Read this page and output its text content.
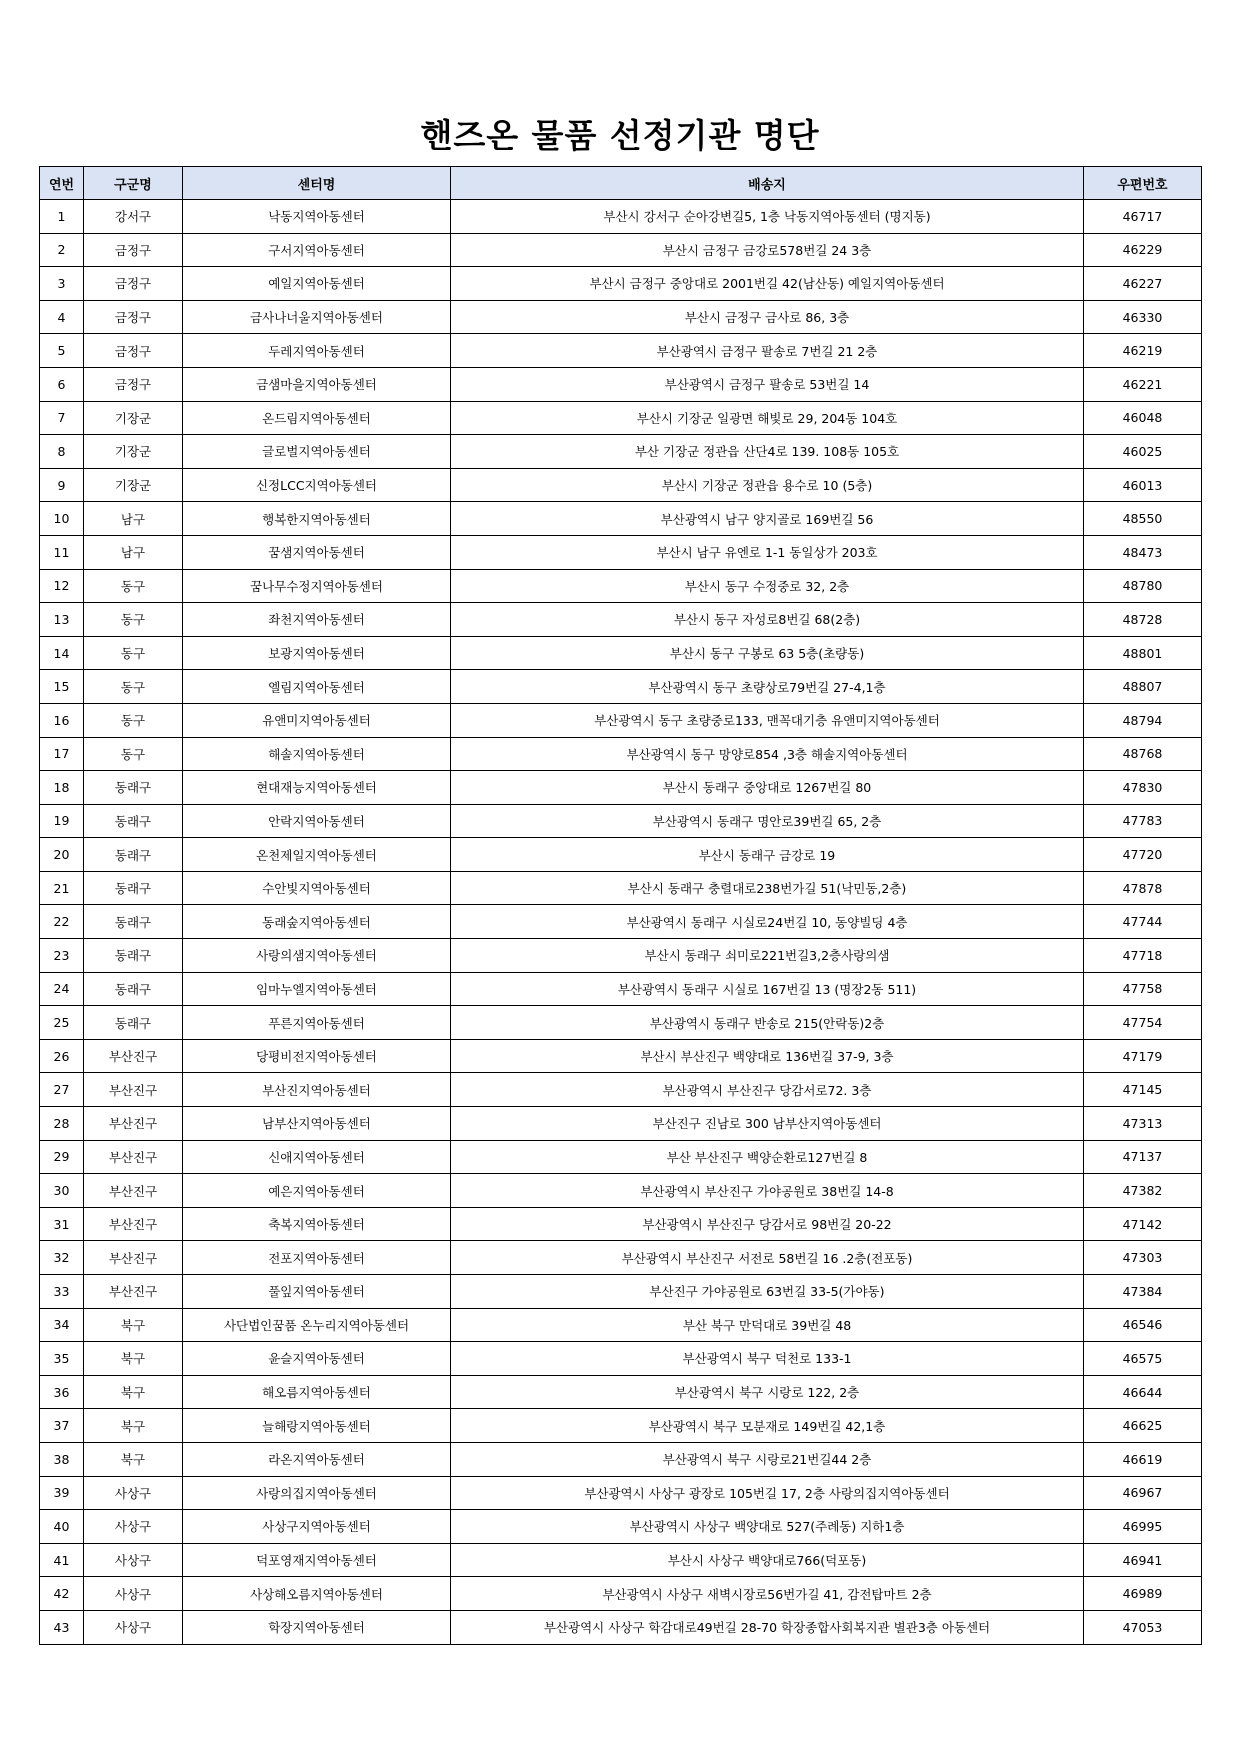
핸즈온 물품 선정기관 명단
연번	구군명	센터명	배송지	우편번호
1	강서구	낙동지역아동센터	부산시 강서구 순아강변길5, 1층 낙동지역아동센터 (명지동)	46717
2	금정구	구서지역아동센터	부산시 금정구 금강로578번길 24 3층	46229
3	금정구	예일지역아동센터	부산시 금정구 중앙대로 2001번길 42(남산동) 예일지역아동센터	46227
4	금정구	금사나너울지역아동센터	부산시 금정구 금사로 86, 3층	46330
5	금정구	두레지역아동센터	부산광역시 금정구 팔송로 7번길 21 2층	46219
6	금정구	금샘마을지역아동센터	부산광역시 금정구 팔송로 53번길 14	46221
7	기장군	온드림지역아동센터	부산시 기장군 일광면 해빛로 29, 204동 104호	46048
8	기장군	글로벌지역아동센터	부산 기장군 정관읍 산단4로 139. 108동 105호	46025
9	기장군	신정LCC지역아동센터	부산시 기장군 정관읍 용수로 10 (5층)	46013
10	남구	행복한지역아동센터	부산광역시 남구 양지골로 169번길 56	48550
11	남구	꿈샘지역아동센터	부산시 남구 유엔로 1-1 동일상가 203호	48473
12	동구	꿈나무수정지역아동센터	부산시 동구 수정중로 32, 2층	48780
13	동구	좌천지역아동센터	부산시 동구 자성로8번길 68(2층)	48728
14	동구	보광지역아동센터	부산시 동구 구봉로 63 5층(초량동)	48801
15	동구	엘림지역아동센터	부산광역시 동구 초량상로79번길 27-4,1층	48807
16	동구	유앤미지역아동센터	부산광역시 동구 초량중로133, 맨꼭대기층 유앤미지역아동센터	48794
17	동구	해솔지역아동센터	부산광역시 동구 망양로854 ,3층 해솔지역아동센터	48768
18	동래구	현대재능지역아동센터	부산시 동래구 중앙대로 1267번길 80	47830
19	동래구	안락지역아동센터	부산광역시 동래구 명안로39번길 65, 2층	47783
20	동래구	온천제일지역아동센터	부산시 동래구 금강로 19	47720
21	동래구	수안빛지역아동센터	부산시 동래구 충렬대로238번가길 51(낙민동,2층)	47878
22	동래구	동래숲지역아동센터	부산광역시 동래구 시실로24번길 10, 동양빌딩 4층	47744
23	동래구	사랑의샘지역아동센터	부산시 동래구 쇠미로221번길3,2층사랑의샘	47718
24	동래구	임마누엘지역아동센터	부산광역시 동래구 시실로 167번길 13 (명장2동 511)	47758
25	동래구	푸른지역아동센터	부산광역시 동래구 반송로 215(안락동)2층	47754
26	부산진구	당평비전지역아동센터	부산시 부산진구 백양대로 136번길 37-9, 3층	47179
27	부산진구	부산진지역아동센터	부산광역시 부산진구 당감서로72. 3층	47145
28	부산진구	남부산지역아동센터	부산진구 진남로 300 남부산지역아동센터	47313
29	부산진구	신애지역아동센터	부산 부산진구 백양순환로127번길 8	47137
30	부산진구	예은지역아동센터	부산광역시 부산진구 가야공원로 38번길 14-8	47382
31	부산진구	축복지역아동센터	부산광역시 부산진구 당감서로 98번길 20-22	47142
32	부산진구	전포지역아동센터	부산광역시 부산진구 서전로 58번길 16 .2층(전포동)	47303
33	부산진구	풀잎지역아동센터	부산진구 가야공원로 63번길 33-5(가야동)	47384
34	북구	사단법인꿈품 온누리지역아동센터	부산 북구 만덕대로 39번길 48	46546
35	북구	윤슬지역아동센터	부산광역시 북구 덕천로 133-1	46575
36	북구	해오름지역아동센터	부산광역시 북구 시랑로 122, 2층	46644
37	북구	늘해랑지역아동센터	부산광역시 북구 모분재로 149번길 42,1층	46625
38	북구	라온지역아동센터	부산광역시 북구 시랑로21번길44 2층	46619
39	사상구	사랑의집지역아동센터	부산광역시 사상구 광장로 105번길 17, 2층 사랑의집지역아동센터	46967
40	사상구	사상구지역아동센터	부산광역시 사상구 백양대로 527(주례동) 지하1층	46995
41	사상구	덕포영재지역아동센터	부산시 사상구 백양대로766(덕포동)	46941
42	사상구	사상해오름지역아동센터	부산광역시 사상구 새벽시장로56번가길 41, 감전탑마트 2층	46989
43	사상구	학장지역아동센터	부산광역시 사상구 학감대로49번길 28-70 학장종합사회복지관 별관3층 아동센터	47053
